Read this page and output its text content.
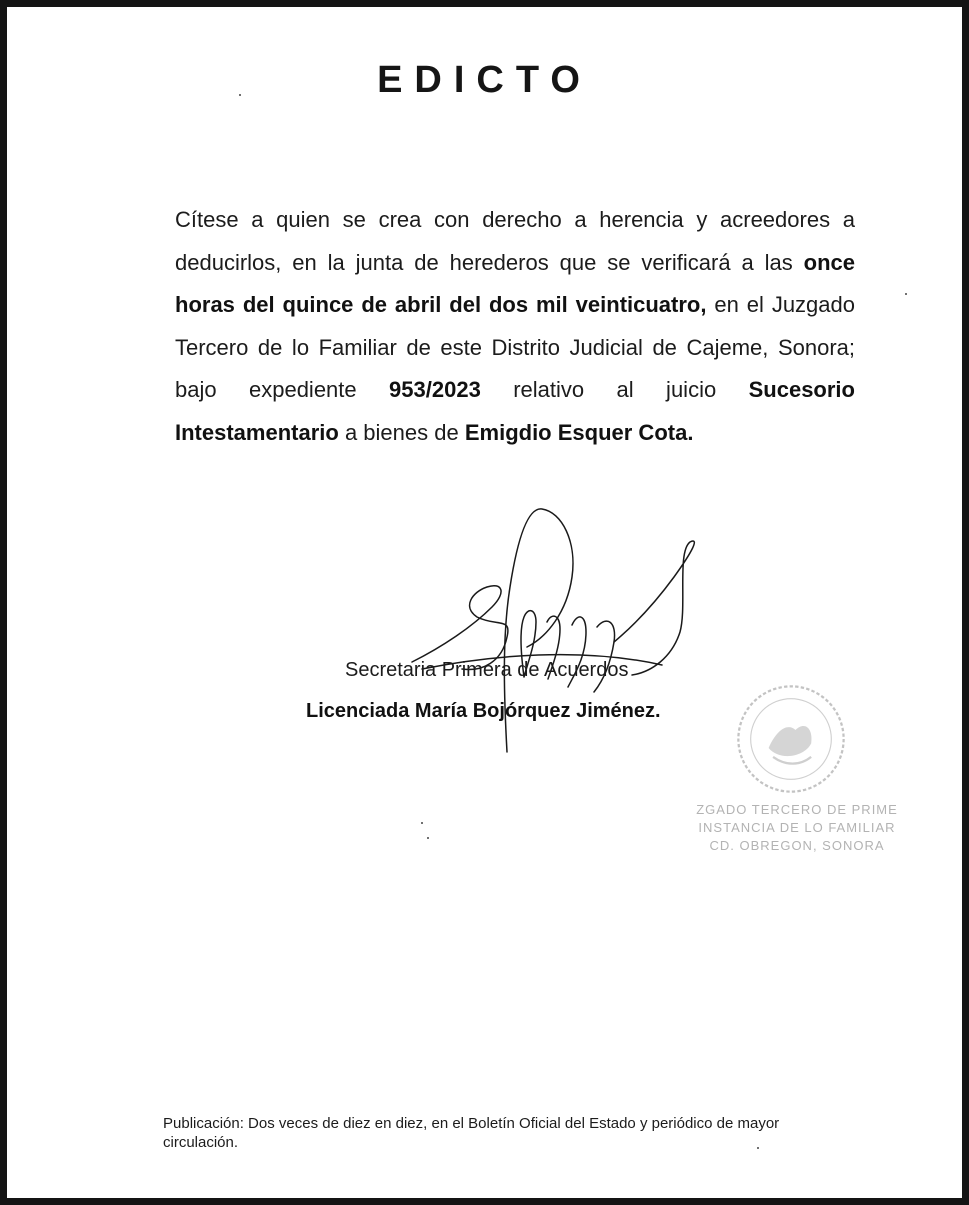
EDICTO
Cítese a quien se crea con derecho a herencia y acreedores a deducirlos, en la junta de herederos que se verificará a las once horas del quince de abril del dos mil veinticuatro, en el Juzgado Tercero de lo Familiar de este Distrito Judicial de Cajeme, Sonora; bajo expediente 953/2023 relativo al juicio Sucesorio Intestamentario a bienes de Emigdio Esquer Cota.
Secretaria Primera de Acuerdos
Licenciada María Bojórquez Jiménez.
ZGADO TERCERO DE PRIME
INSTANCIA DE LO FAMILIAR
CD. OBREGON, SONORA
Publicación: Dos veces de diez en diez, en el Boletín Oficial del Estado y periódico de mayor circulación.
